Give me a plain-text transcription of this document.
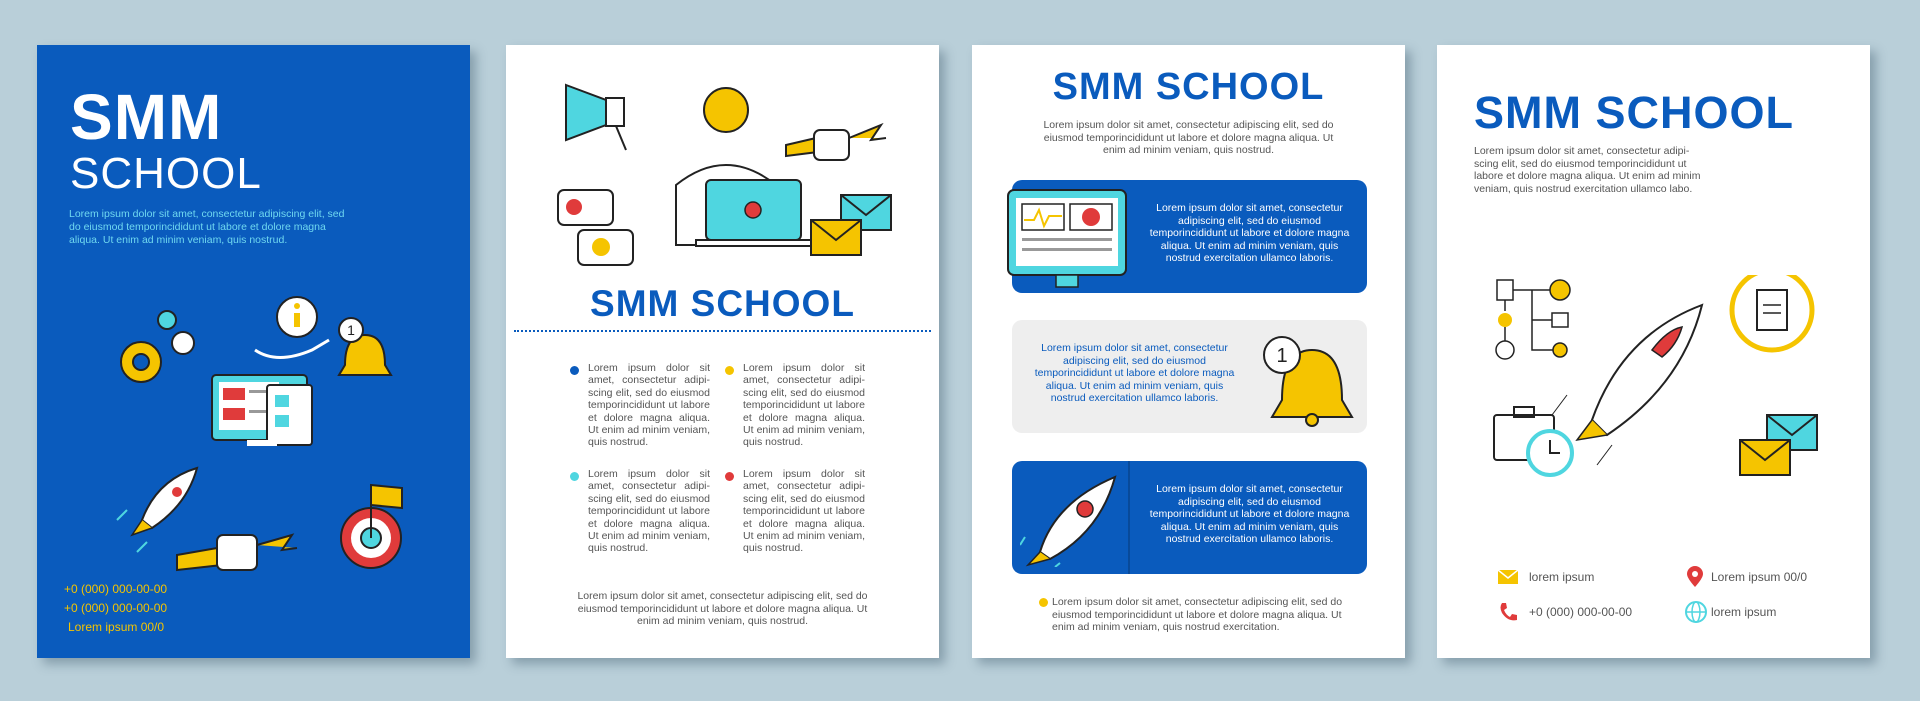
SMM
SCHOOL
Lorem ipsum dolor sit amet, consectetur adipiscing elit, sed do eiusmod temporincididunt ut labore et dolore magna aliqua. Ut enim ad minim veniam, quis nostrud.
1
+0 (000) 000-00-00
+0 (000) 000-00-00
Lorem ipsum 00/0
SMM SCHOOL
Lorem ipsum dolor sit amet, consectetur adipi-scing elit, sed do eiusmod temporincididunt ut labore et dolore magna aliqua. Ut enim ad minim veniam, quis nostrud.
Lorem ipsum dolor sit amet, consectetur adipi-scing elit, sed do eiusmod temporincididunt ut labore et dolore magna aliqua. Ut enim ad minim veniam, quis nostrud.
Lorem ipsum dolor sit amet, consectetur adipi-scing elit, sed do eiusmod temporincididunt ut labore et dolore magna aliqua. Ut enim ad minim veniam, quis nostrud.
Lorem ipsum dolor sit amet, consectetur adipi-scing elit, sed do eiusmod temporincididunt ut labore et dolore magna aliqua. Ut enim ad minim veniam, quis nostrud.
Lorem ipsum dolor sit amet, consectetur adipiscing elit, sed do eiusmod temporincididunt ut labore et dolore magna aliqua. Ut enim ad minim veniam, quis nostrud.
SMM SCHOOL
Lorem ipsum dolor sit amet, consectetur adipiscing elit, sed do eiusmod temporincididunt ut labore et dolore magna aliqua. Ut enim ad minim veniam, quis nostrud.
Lorem ipsum dolor sit amet, consectetur adipiscing elit, sed do eiusmod temporincididunt ut labore et dolore magna aliqua. Ut enim ad minim veniam, quis nostrud exercitation ullamco laboris.
Lorem ipsum dolor sit amet, consectetur adipiscing elit, sed do eiusmod temporincididunt ut labore et dolore magna aliqua. Ut enim ad minim veniam, quis nostrud exercitation ullamco laboris.
1
Lorem ipsum dolor sit amet, consectetur adipiscing elit, sed do eiusmod temporincididunt ut labore et dolore magna aliqua. Ut enim ad minim veniam, quis nostrud exercitation ullamco laboris.
Lorem ipsum dolor sit amet, consectetur adipiscing elit, sed do eiusmod temporincididunt ut labore et dolore magna aliqua. Ut enim ad minim veniam, quis nostrud exercitation.
SMM SCHOOL
Lorem ipsum dolor sit amet, consectetur adipi-scing elit, sed do eiusmod temporincididunt ut labore et dolore magna aliqua. Ut enim ad minim veniam, quis nostrud exercitation ullamco labo.
lorem ipsum	Lorem ipsum 00/0
+0 (000) 000-00-00	lorem ipsum
